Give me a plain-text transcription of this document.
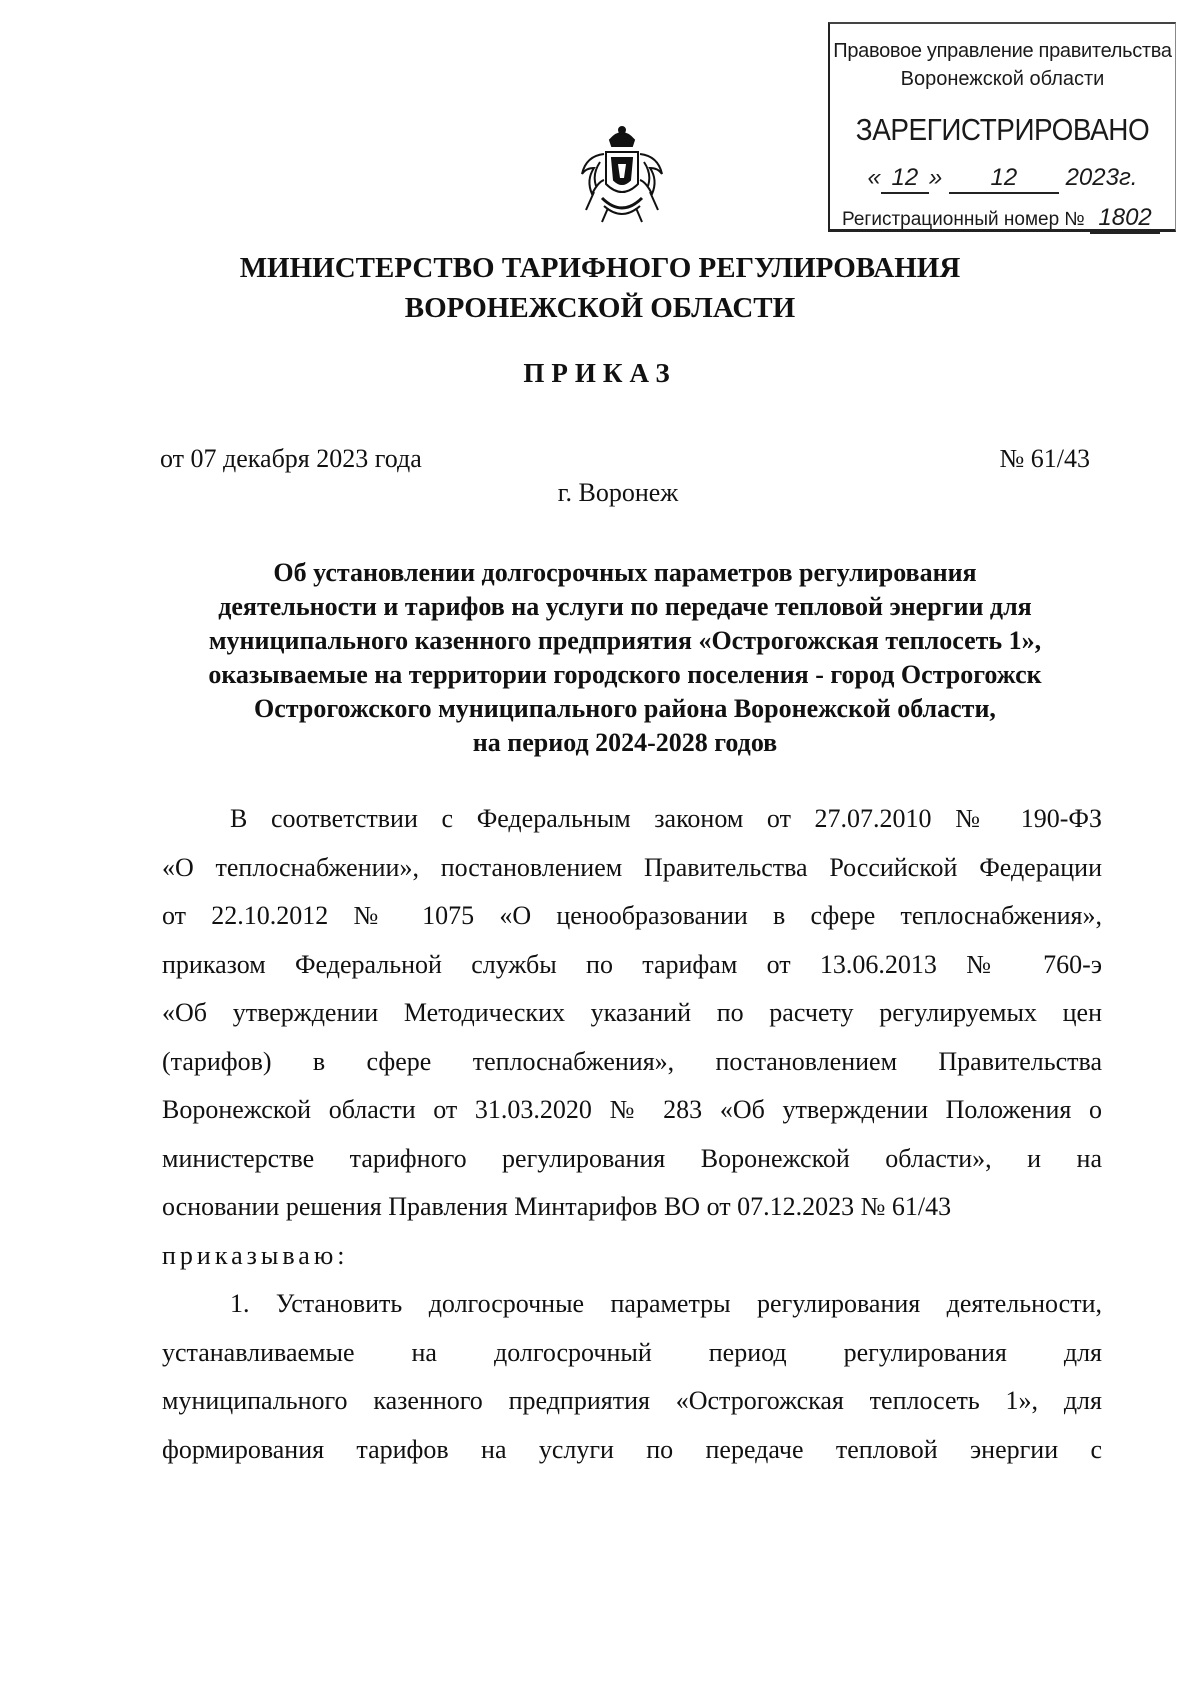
Правовое управление правительства
Воронежской области
ЗАРЕГИСТРИРОВАНО
« 12 » 12 2023г.
Регистрационный номер № 1802
МИНИСТЕРСТВО ТАРИФНОГО РЕГУЛИРОВАНИЯ
ВОРОНЕЖСКОЙ ОБЛАСТИ
ПРИКАЗ
от 07 декабря 2023 года	№ 61/43
г. Воронеж
Об установлении долгосрочных параметров регулирования
деятельности и тарифов на услуги по передаче тепловой энергии для
муниципального казенного предприятия «Острогожская теплосеть 1»,
оказываемые на территории городского поселения - город Острогожск
Острогожского муниципального района Воронежской области,
на период 2024-2028 годов
В соответствии с Федеральным законом от 27.07.2010 № 190-ФЗ
«О теплоснабжении», постановлением Правительства Российской Федерации
от 22.10.2012 № 1075 «О ценообразовании в сфере теплоснабжения»,
приказом Федеральной службы по тарифам от 13.06.2013 № 760-э
«Об утверждении Методических указаний по расчету регулируемых цен
(тарифов) в сфере теплоснабжения», постановлением Правительства
Воронежской области от 31.03.2020 № 283 «Об утверждении Положения о
министерстве тарифного регулирования Воронежской области», и на
основании решения Правления Минтарифов ВО от 07.12.2023 № 61/43
приказываю:
1. Установить долгосрочные параметры регулирования деятельности,
устанавливаемые на долгосрочный период регулирования для
муниципального казенного предприятия «Острогожская теплосеть 1», для
формирования тарифов на услуги по передаче тепловой энергии с
